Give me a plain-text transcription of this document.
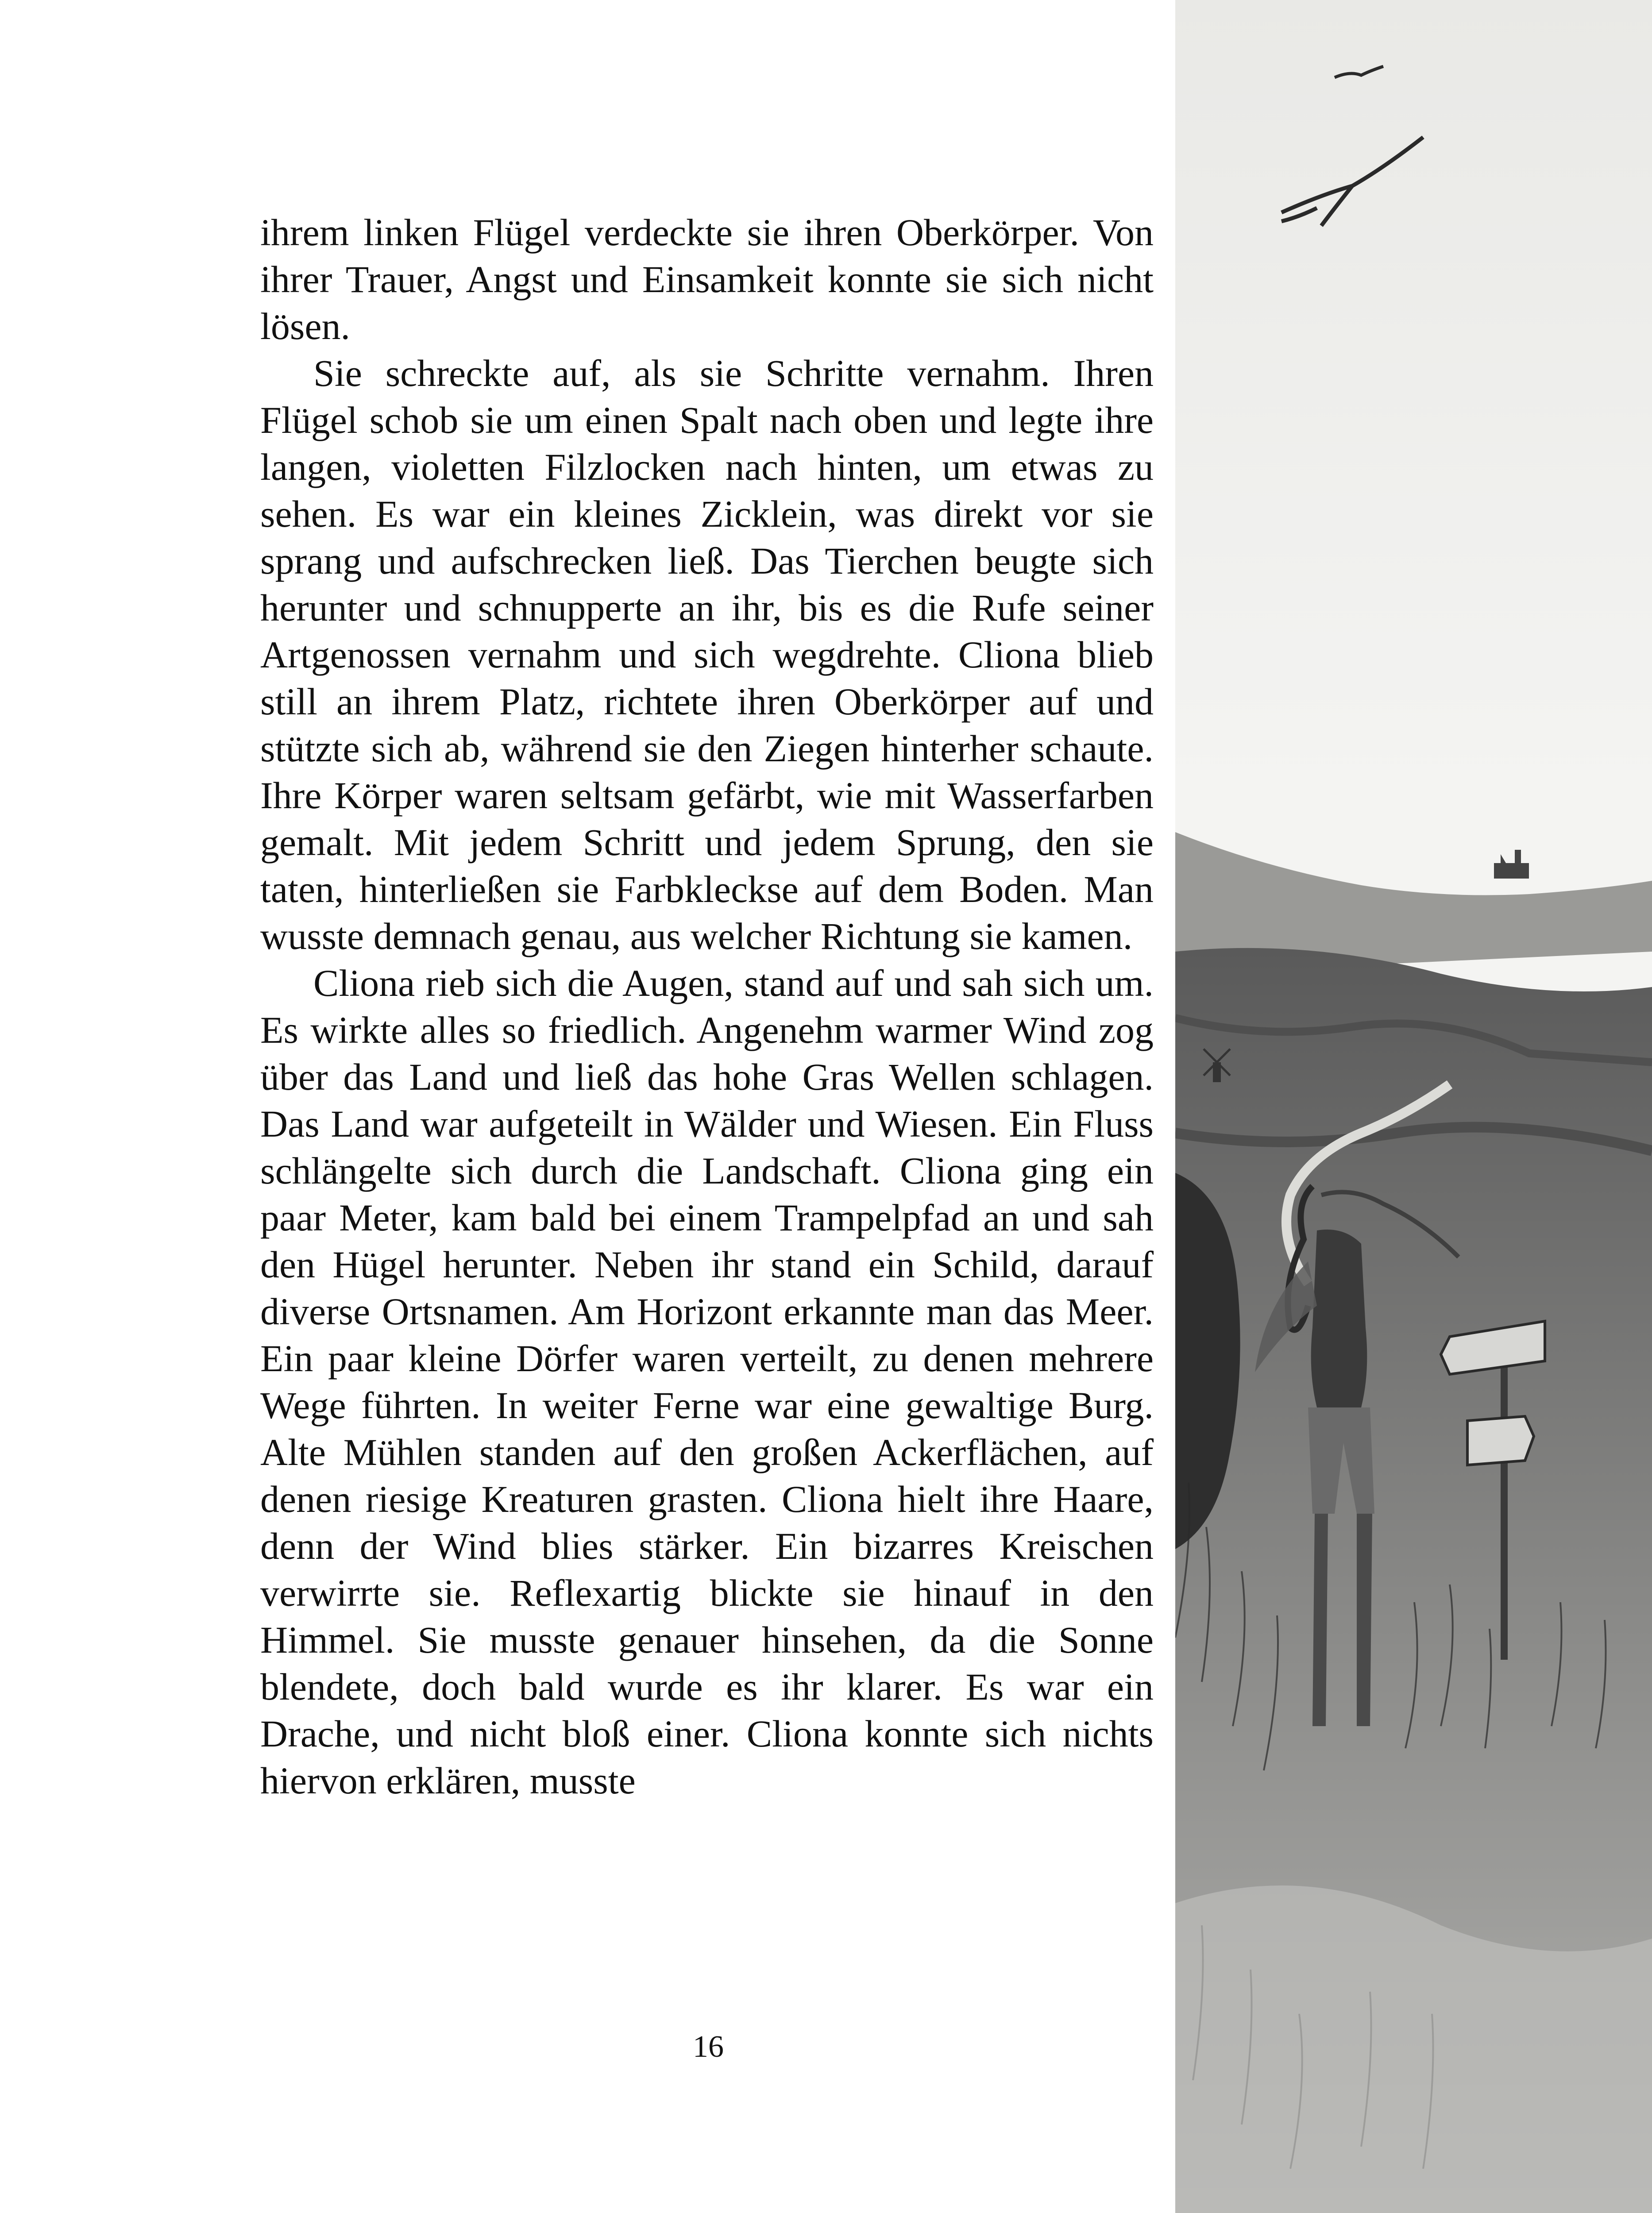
ihrem linken Flügel verdeckte sie ihren Oberkörper. Von ihrer Trauer, Angst und Einsamkeit konnte sie sich nicht lösen.

Sie schreckte auf, als sie Schritte vernahm. Ihren Flügel schob sie um einen Spalt nach oben und legte ihre langen, violetten Filzlocken nach hinten, um etwas zu sehen. Es war ein kleines Zicklein, was direkt vor sie sprang und aufschrecken ließ. Das Tierchen beugte sich herunter und schnupperte an ihr, bis es die Rufe seiner Artgenossen vernahm und sich wegdrehte. Cliona blieb still an ihrem Platz, richtete ihren Oberkörper auf und stützte sich ab, während sie den Ziegen hinterher schaute. Ihre Körper waren seltsam gefärbt, wie mit Wasserfarben gemalt. Mit jedem Schritt und jedem Sprung, den sie taten, hinterließen sie Farbkleckse auf dem Boden. Man wusste demnach genau, aus welcher Richtung sie kamen.

Cliona rieb sich die Augen, stand auf und sah sich um. Es wirkte alles so friedlich. Angenehm warmer Wind zog über das Land und ließ das hohe Gras Wellen schlagen. Das Land war aufgeteilt in Wälder und Wiesen. Ein Fluss schlängelte sich durch die Landschaft. Cliona ging ein paar Meter, kam bald bei einem Trampelpfad an und sah den Hügel herunter. Neben ihr stand ein Schild, darauf diverse Ortsnamen. Am Horizont erkannte man das Meer. Ein paar kleine Dörfer waren verteilt, zu denen mehrere Wege führten. In weiter Ferne war eine gewaltige Burg. Alte Mühlen standen auf den großen Ackerflächen, auf denen riesige Kreaturen grasten. Cliona hielt ihre Haare, denn der Wind blies stärker. Ein bizarres Kreischen verwirrte sie. Reflexartig blickte sie hinauf in den Himmel. Sie musste genauer hinsehen, da die Sonne blendete, doch bald wurde es ihr klarer. Es war ein Drache, und nicht bloß einer. Cliona konnte sich nichts hiervon erklären, musste

16
